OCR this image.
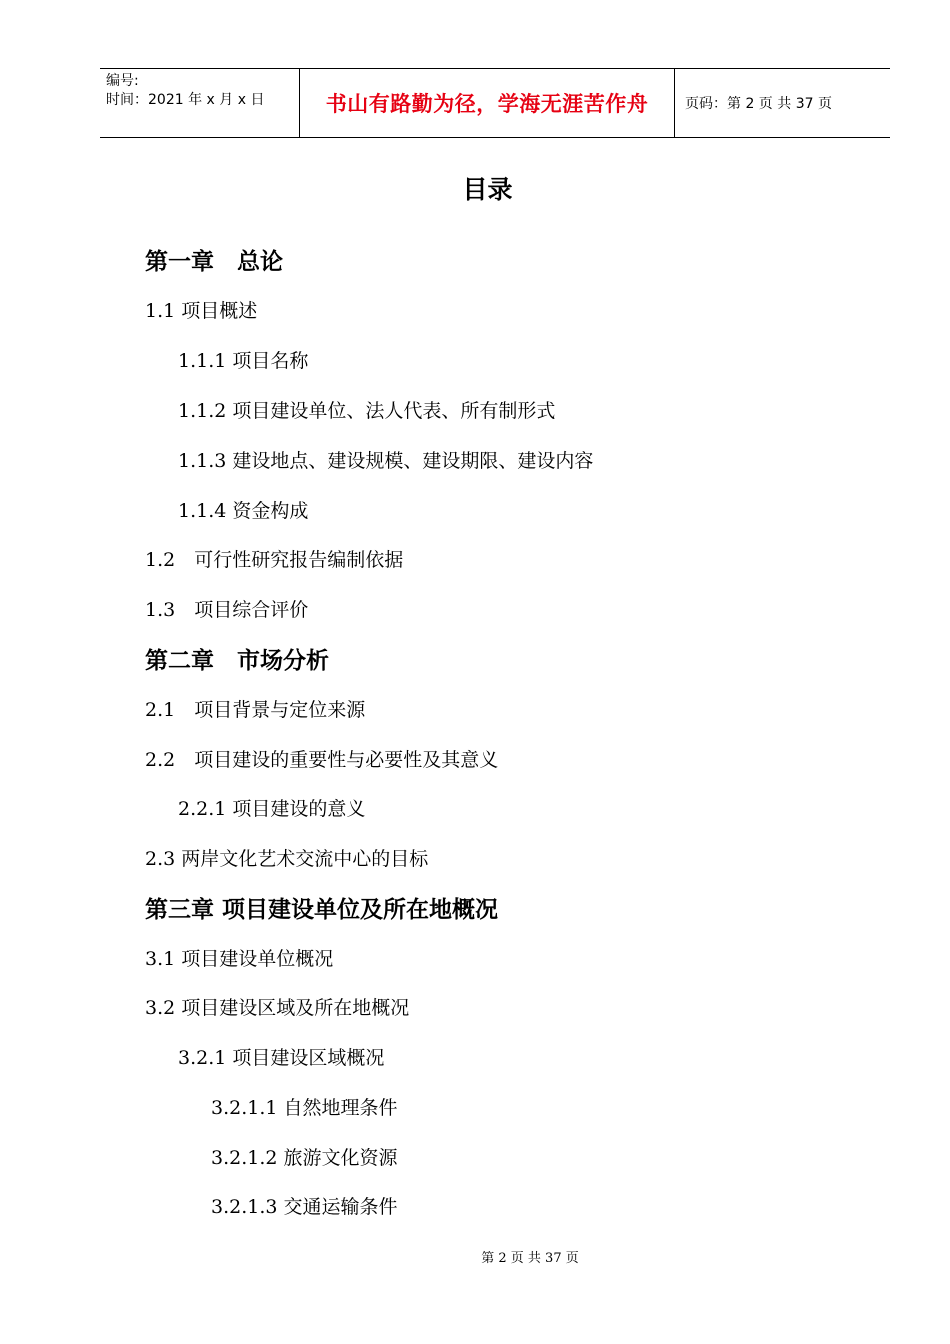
编号:
时间：2021 年 x 月 x 日	书山有路勤为径，学海无涯苦作舟	页码：第 2 页 共 37 页
目录
第一章　总论
1.1 项目概述
1.1.1 项目名称
1.1.2 项目建设单位、法人代表、所有制形式
1.1.3 建设地点、建设规模、建设期限、建设内容
1.1.4 资金构成
1.2　可行性研究报告编制依据
1.3　项目综合评价
第二章　市场分析
2.1　项目背景与定位来源
2.2　项目建设的重要性与必要性及其意义
2.2.1 项目建设的意义
2.3 两岸文化艺术交流中心的目标
第三章 项目建设单位及所在地概况
3.1 项目建设单位概况
3.2 项目建设区域及所在地概况
3.2.1 项目建设区域概况
3.2.1.1 自然地理条件
3.2.1.2 旅游文化资源
3.2.1.3 交通运输条件
第 2 页 共 37 页
